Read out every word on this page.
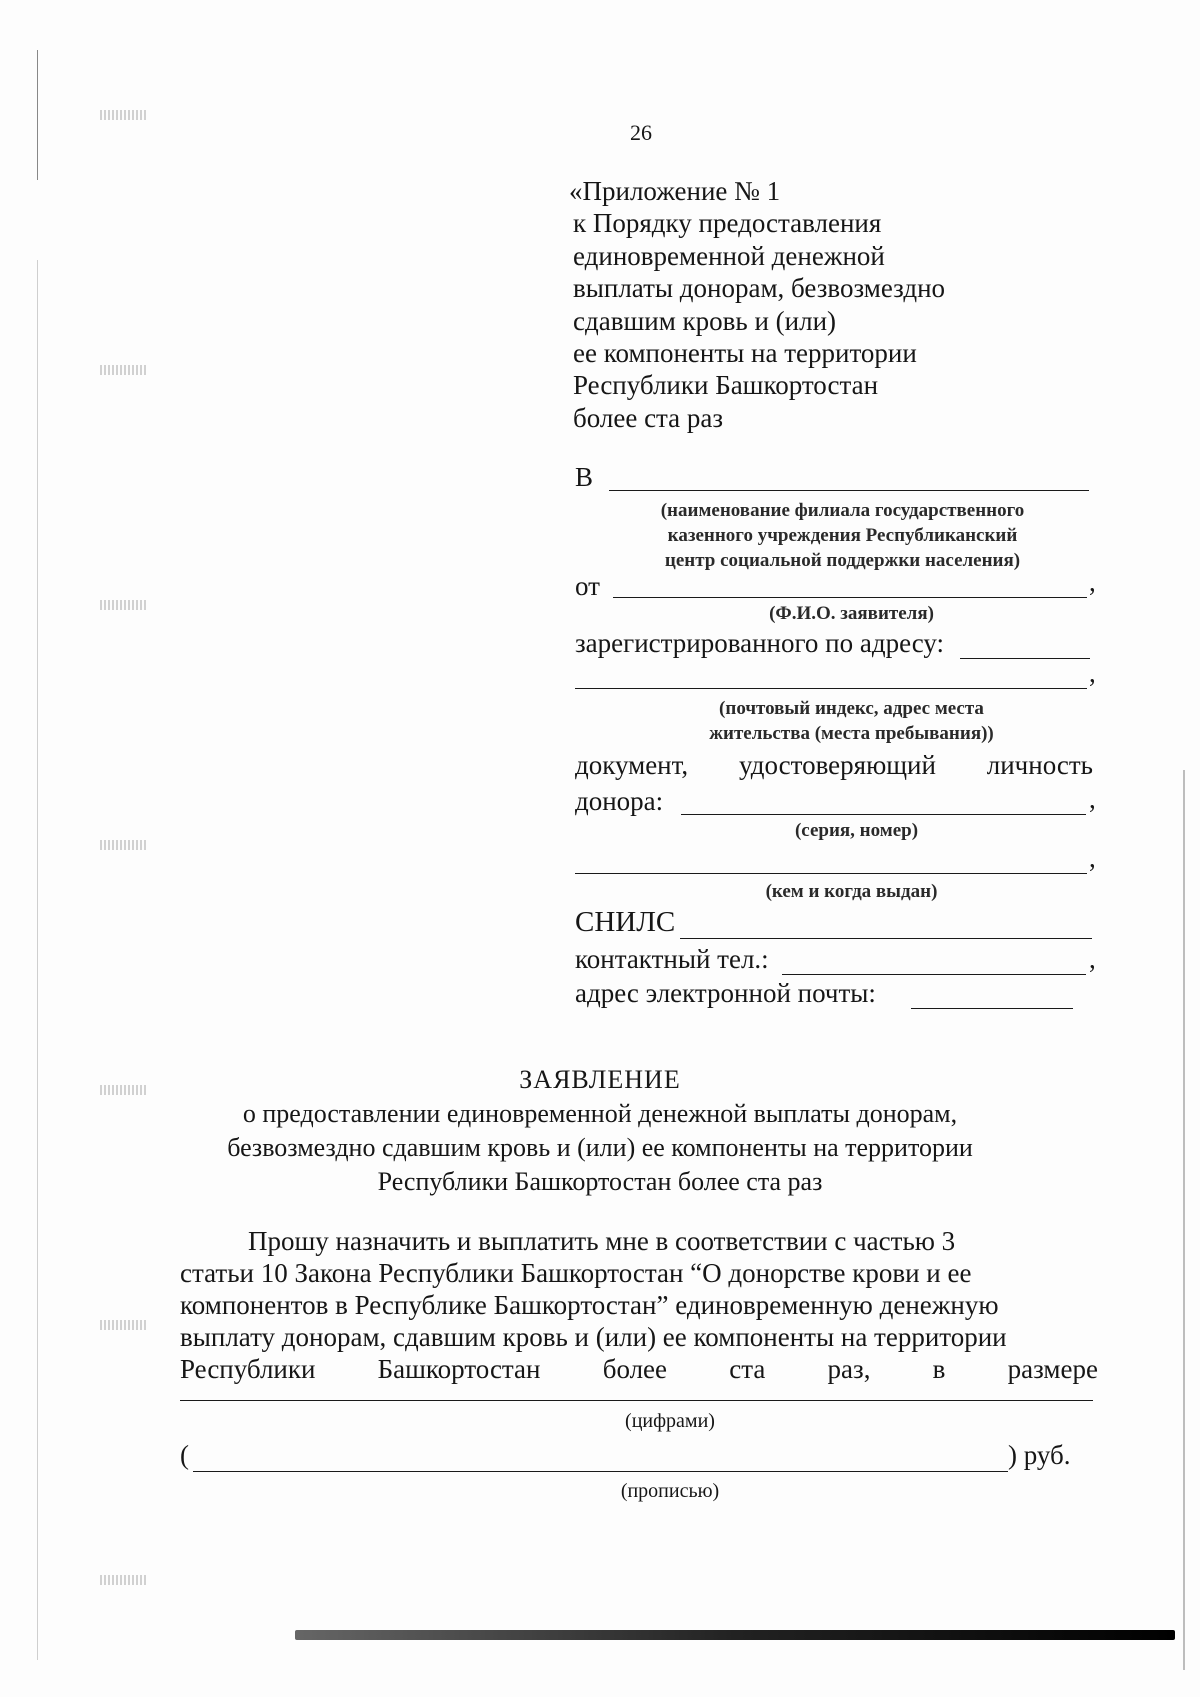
26
«Приложение № 1
к Порядку предоставления
единовременной денежной
выплаты донорам, безвозмездно
сдавшим кровь и (или)
ее компоненты на территории
Республики Башкортостан
более ста раз
В
(наименование филиала государственного
казенного учреждения Республиканский
центр социальной поддержки населения)
от	,
(Ф.И.О. заявителя)
зарегистрированного по адресу:
,
(почтовый индекс, адрес места
жительства (места пребывания))
документ, удостоверяющий личность
донора:	,
(серия, номер)
,
(кем и когда выдан)
СНИЛС
контактный тел.:	,
адрес электронной почты:
ЗАЯВЛЕНИЕ
о предоставлении единовременной денежной выплаты донорам,
безвозмездно сдавшим кровь и (или) ее компоненты на территории
Республики Башкортостан более ста раз
Прошу назначить и выплатить мне в соответствии с частью 3
статьи 10 Закона Республики Башкортостан “О донорстве крови и ее
компонентов в Республике Башкортостан” единовременную денежную
выплату донорам, сдавшим кровь и (или) ее компоненты на территории
Республики Башкортостан более ста раз, в размере
(цифрами)
(	) руб.
(прописью)
